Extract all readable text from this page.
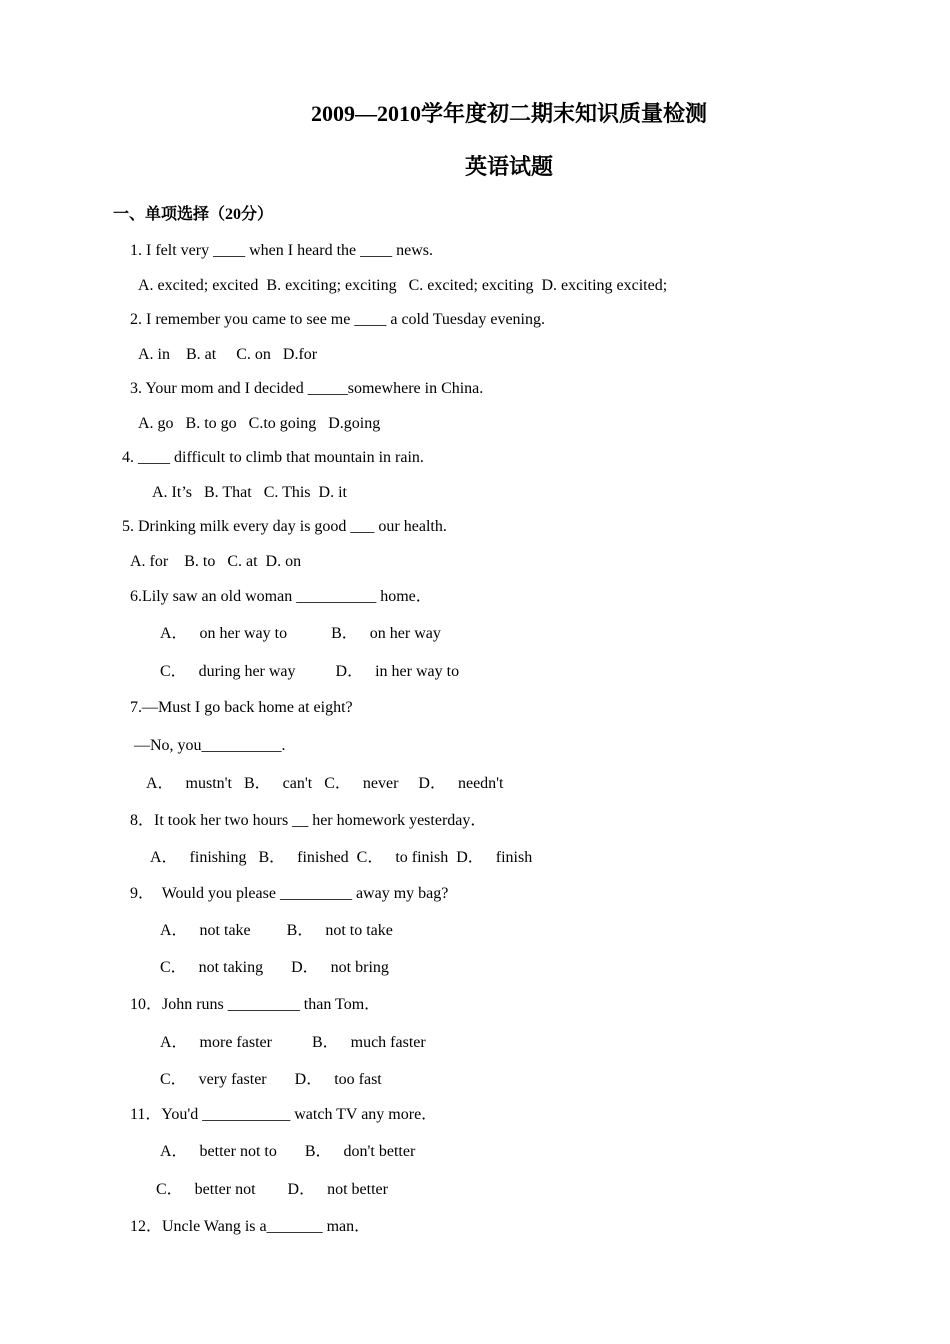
2009—2010学年度初二期末知识质量检测
英语试题
一、单项选择（20分）
1. I felt very ____ when I heard the ____ news.
A. excited; excited  B. exciting; exciting   C. excited; exciting  D. exciting excited;
2. I remember you came to see me ____ a cold Tuesday evening.
A. in    B. at     C. on   D.for
3. Your mom and I decided _____somewhere in China.
A. go   B. to go   C.to going   D.going
4. ____ difficult to climb that mountain in rain.
A. It’s   B. That   C. This  D. it
5. Drinking milk every day is good ___ our health.
A. for    B. to   C. at  D. on
6.Lily saw an old woman __________ home．
A．   on her way to           B．   on her way
C．   during her way          D．   in her way to
7.—Must I go back home at eight?
—No, you__________.
A．   mustn't   B．   can't   C．   never     D．   needn't
8．It took her two hours __ her homework yesterday．
A．   finishing   B．   finished  C．   to finish  D．   finish
9．  Would you please _________ away my bag?
A．   not take         B．   not to take
C．   not taking       D．   not bring
10．John runs _________ than Tom．
A．   more faster          B．   much faster
C．   very faster       D．   too fast
11．You'd ___________ watch TV any more．
A．   better not to       B．   don't better
C．   better not        D．   not better
12．Uncle Wang is a_______ man．
